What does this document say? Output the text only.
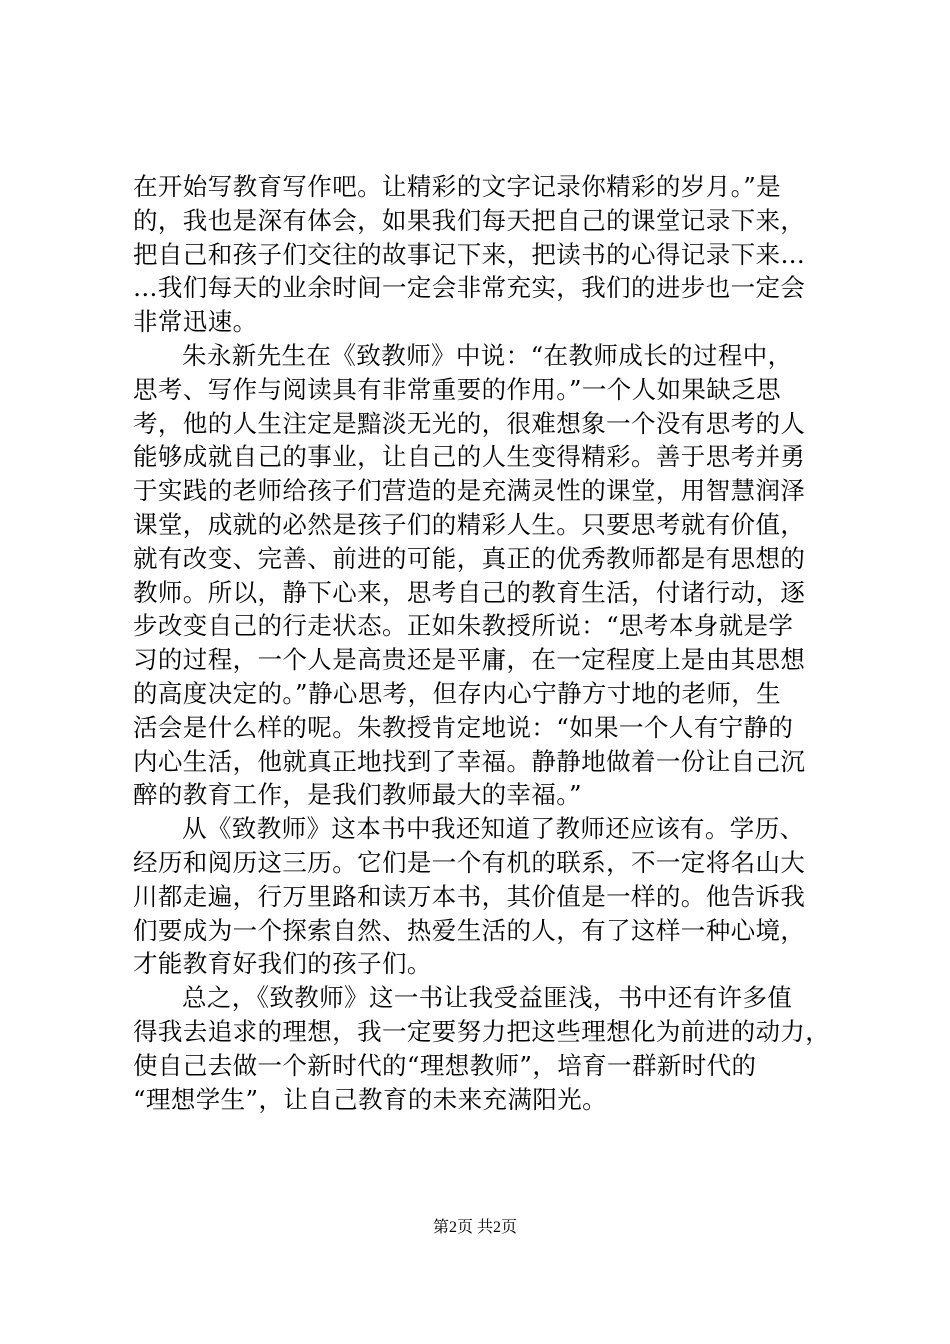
在开始写教育写作吧。让精彩的文字记录你精彩的岁月。”是
的，我也是深有体会，如果我们每天把自己的课堂记录下来，
把自己和孩子们交往的故事记下来，把读书的心得记录下来…
…我们每天的业余时间一定会非常充实，我们的进步也一定会
非常迅速。
朱永新先生在《致教师》中说：“在教师成长的过程中，
思考、写作与阅读具有非常重要的作用。”一个人如果缺乏思
考，他的人生注定是黯淡无光的，很难想象一个没有思考的人
能够成就自己的事业，让自己的人生变得精彩。善于思考并勇
于实践的老师给孩子们营造的是充满灵性的课堂，用智慧润泽
课堂，成就的必然是孩子们的精彩人生。只要思考就有价值，
就有改变、完善、前进的可能，真正的优秀教师都是有思想的
教师。所以，静下心来，思考自己的教育生活，付诸行动，逐
步改变自己的行走状态。正如朱教授所说：“思考本身就是学
习的过程，一个人是高贵还是平庸，在一定程度上是由其思想
的高度决定的。”静心思考，但存内心宁静方寸地的老师，生
活会是什么样的呢。朱教授肯定地说：“如果一个人有宁静的
内心生活，他就真正地找到了幸福。静静地做着一份让自己沉
醉的教育工作，是我们教师最大的幸福。”
从《致教师》这本书中我还知道了教师还应该有。学历、
经历和阅历这三历。它们是一个有机的联系，不一定将名山大
川都走遍，行万里路和读万本书，其价值是一样的。他告诉我
们要成为一个探索自然、热爱生活的人，有了这样一种心境，
才能教育好我们的孩子们。
总之，《致教师》这一书让我受益匪浅，书中还有许多值
得我去追求的理想，我一定要努力把这些理想化为前进的动力，
使自己去做一个新时代的“理想教师”，培育一群新时代的
“理想学生”，让自己教育的未来充满阳光。
第2页 共2页
